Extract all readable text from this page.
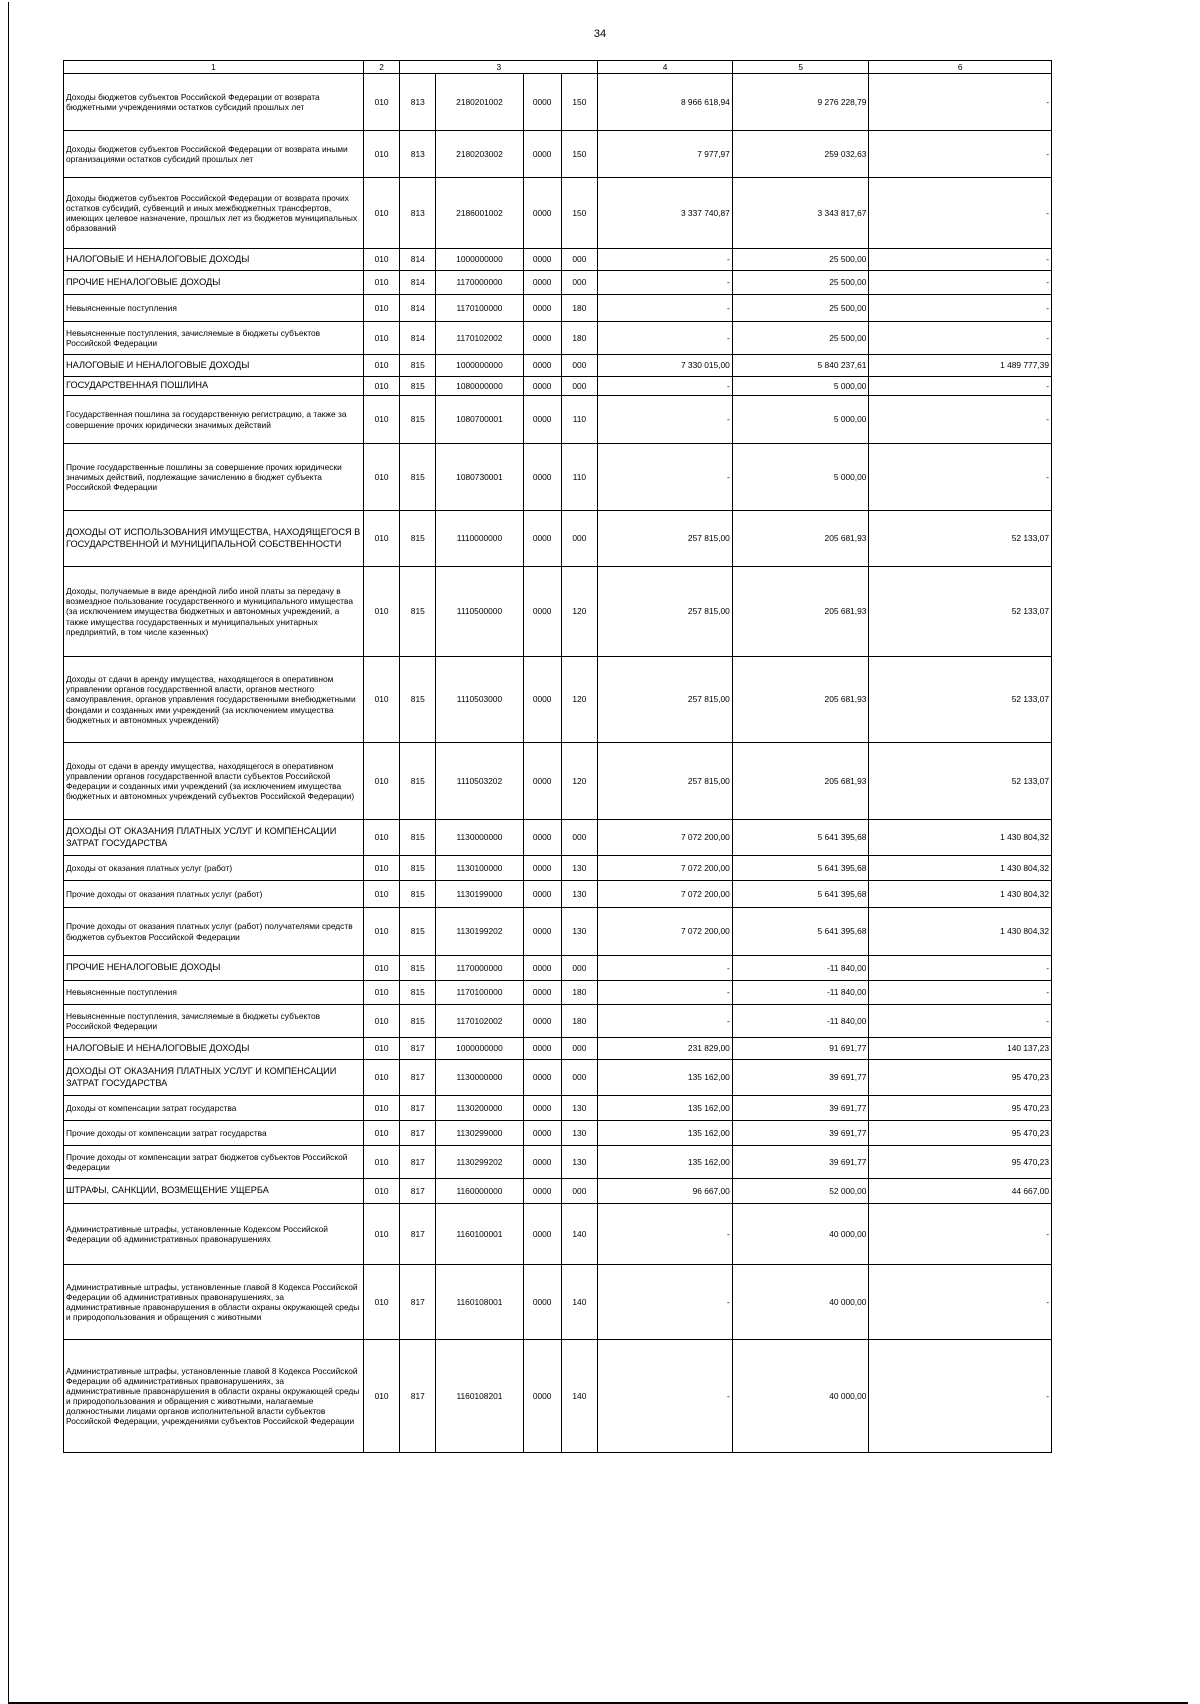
34
1	2	3				4	5	6
Доходы бюджетов субъектов Российской Федерации от возврата бюджетными учреждениями остатков субсидий прошлых лет	010	813	2180201002	0000	150	8 966 618,94	9 276 228,79	-
Доходы бюджетов субъектов Российской Федерации от возврата иными организациями остатков субсидий прошлых лет	010	813	2180203002	0000	150	7 977,97	259 032,63	-
Доходы бюджетов субъектов Российской Федерации от возврата прочих остатков субсидий, субвенций и иных межбюджетных трансфертов, имеющих целевое назначение, прошлых лет из бюджетов муниципальных образований	010	813	2186001002	0000	150	3 337 740,87	3 343 817,67	-
НАЛОГОВЫЕ И НЕНАЛОГОВЫЕ ДОХОДЫ	010	814	1000000000	0000	000	-	25 500,00	-
ПРОЧИЕ НЕНАЛОГОВЫЕ ДОХОДЫ	010	814	1170000000	0000	000	-	25 500,00	-
Невыясненные поступления	010	814	1170100000	0000	180	-	25 500,00	-
Невыясненные поступления, зачисляемые в бюджеты субъектов Российской Федерации	010	814	1170102002	0000	180	-	25 500,00	-
НАЛОГОВЫЕ И НЕНАЛОГОВЫЕ ДОХОДЫ	010	815	1000000000	0000	000	7 330 015,00	5 840 237,61	1 489 777,39
ГОСУДАРСТВЕННАЯ ПОШЛИНА	010	815	1080000000	0000	000	-	5 000,00	-
Государственная пошлина за государственную регистрацию, а также за совершение прочих юридически значимых действий	010	815	1080700001	0000	110	-	5 000,00	-
Прочие государственные пошлины за совершение прочих юридически значимых действий, подлежащие зачислению в бюджет субъекта Российской Федерации	010	815	1080730001	0000	110	-	5 000,00	-
ДОХОДЫ ОТ ИСПОЛЬЗОВАНИЯ ИМУЩЕСТВА, НАХОДЯЩЕГОСЯ В ГОСУДАРСТВЕННОЙ И МУНИЦИПАЛЬНОЙ СОБСТВЕННОСТИ	010	815	1110000000	0000	000	257 815,00	205 681,93	52 133,07
Доходы, получаемые в виде арендной либо иной платы за передачу в возмездное пользование государственного и муниципального имущества (за исключением имущества бюджетных и автономных учреждений, а также имущества государственных и муниципальных унитарных предприятий, в том числе казенных)	010	815	1110500000	0000	120	257 815,00	205 681,93	52 133,07
Доходы от сдачи в аренду имущества, находящегося в оперативном управлении органов государственной власти, органов местного самоуправления, органов управления государственными внебюджетными фондами и созданных ими учреждений (за исключением имущества бюджетных и автономных учреждений)	010	815	1110503000	0000	120	257 815,00	205 681,93	52 133,07
Доходы от сдачи в аренду имущества, находящегося в оперативном управлении органов государственной власти субъектов Российской Федерации и созданных ими учреждений (за исключением имущества бюджетных и автономных учреждений субъектов Российской Федерации)	010	815	1110503202	0000	120	257 815,00	205 681,93	52 133,07
ДОХОДЫ ОТ ОКАЗАНИЯ ПЛАТНЫХ УСЛУГ И КОМПЕНСАЦИИ ЗАТРАТ ГОСУДАРСТВА	010	815	1130000000	0000	000	7 072 200,00	5 641 395,68	1 430 804,32
Доходы от оказания платных услуг (работ)	010	815	1130100000	0000	130	7 072 200,00	5 641 395,68	1 430 804,32
Прочие доходы от оказания платных услуг (работ)	010	815	1130199000	0000	130	7 072 200,00	5 641 395,68	1 430 804,32
Прочие доходы от оказания платных услуг (работ) получателями средств бюджетов субъектов Российской Федерации	010	815	1130199202	0000	130	7 072 200,00	5 641 395,68	1 430 804,32
ПРОЧИЕ НЕНАЛОГОВЫЕ ДОХОДЫ	010	815	1170000000	0000	000	-	-11 840,00	-
Невыясненные поступления	010	815	1170100000	0000	180	-	-11 840,00	-
Невыясненные поступления, зачисляемые в бюджеты субъектов Российской Федерации	010	815	1170102002	0000	180	-	-11 840,00	-
НАЛОГОВЫЕ И НЕНАЛОГОВЫЕ ДОХОДЫ	010	817	1000000000	0000	000	231 829,00	91 691,77	140 137,23
ДОХОДЫ ОТ ОКАЗАНИЯ ПЛАТНЫХ УСЛУГ И КОМПЕНСАЦИИ ЗАТРАТ ГОСУДАРСТВА	010	817	1130000000	0000	000	135 162,00	39 691,77	95 470,23
Доходы от компенсации затрат государства	010	817	1130200000	0000	130	135 162,00	39 691,77	95 470,23
Прочие доходы от компенсации затрат государства	010	817	1130299000	0000	130	135 162,00	39 691,77	95 470,23
Прочие доходы от компенсации затрат бюджетов субъектов Российской Федерации	010	817	1130299202	0000	130	135 162,00	39 691,77	95 470,23
ШТРАФЫ, САНКЦИИ, ВОЗМЕЩЕНИЕ УЩЕРБА	010	817	1160000000	0000	000	96 667,00	52 000,00	44 667,00
Административные штрафы, установленные Кодексом Российской Федерации об административных правонарушениях	010	817	1160100001	0000	140	-	40 000,00	-
Административные штрафы, установленные главой 8 Кодекса Российской Федерации об административных правонарушениях, за административные правонарушения в области охраны окружающей среды и природопользования и обращения с животными	010	817	1160108001	0000	140	-	40 000,00	-
Административные штрафы, установленные главой 8 Кодекса Российской Федерации об административных правонарушениях, за административные правонарушения в области охраны окружающей среды и природопользования и обращения с животными, налагаемые должностными лицами органов исполнительной власти субъектов Российской Федерации, учреждениями субъектов Российской Федерации	010	817	1160108201	0000	140	-	40 000,00	-
